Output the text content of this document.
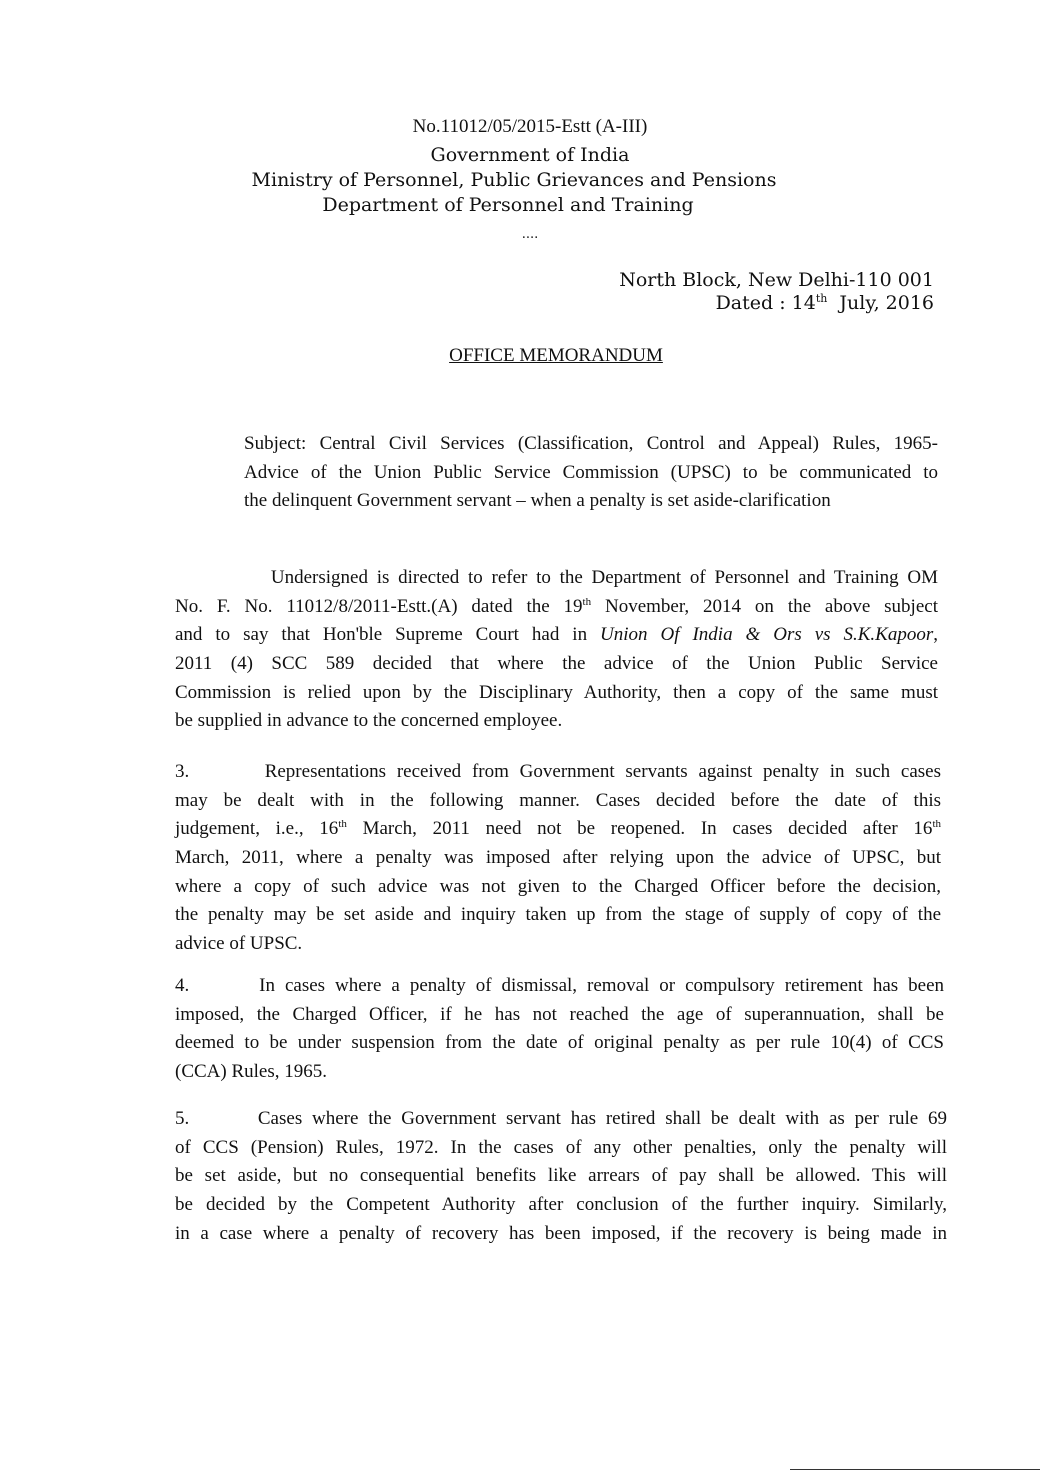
No.11012/05/2015-Estt (A-III)
Government of India
Ministry of Personnel, Public Grievances and Pensions
Department of Personnel and Training
....
North Block, New Delhi-110 001
Dated : 14th  July, 2016
OFFICE MEMORANDUM
Subject: Central Civil Services (Classification, Control and Appeal) Rules, 1965-
Advice of the Union Public Service Commission (UPSC) to be communicated to
the delinquent Government servant – when a penalty is set aside-clarification
Undersigned is directed to refer to the Department of Personnel and Training OM
No. F. No. 11012/8/2011-Estt.(A) dated the 19th November, 2014 on the above subject
and to say that Hon'ble Supreme Court had in Union Of India & Ors vs S.K.Kapoor,
2011 (4) SCC 589 decided that where the advice of the Union Public Service
Commission is relied upon by the Disciplinary Authority, then a copy of the same must
be supplied in advance to the concerned employee.
3.       Representations received from Government servants against penalty in such cases
may be dealt with in the following manner. Cases decided before the date of this
judgement, i.e., 16th March, 2011 need not be reopened. In cases decided after 16th
March, 2011, where a penalty was imposed after relying upon the advice of UPSC, but
where a copy of such advice was not given to the Charged Officer before the decision,
the penalty may be set aside and inquiry taken up from the stage of supply of copy of the
advice of UPSC.
4.       In cases where a penalty of dismissal, removal or compulsory retirement has been
imposed, the Charged Officer, if he has not reached the age of superannuation, shall be
deemed to be under suspension from the date of original penalty as per rule 10(4) of CCS
(CCA) Rules, 1965.
5.       Cases where the Government servant has retired shall be dealt with as per rule 69
of CCS (Pension) Rules, 1972. In the cases of any other penalties, only the penalty will
be set aside, but no consequential benefits like arrears of pay shall be allowed. This will
be decided by the Competent Authority after conclusion of the further inquiry. Similarly,
in a case where a penalty of recovery has been imposed, if the recovery is being made in
